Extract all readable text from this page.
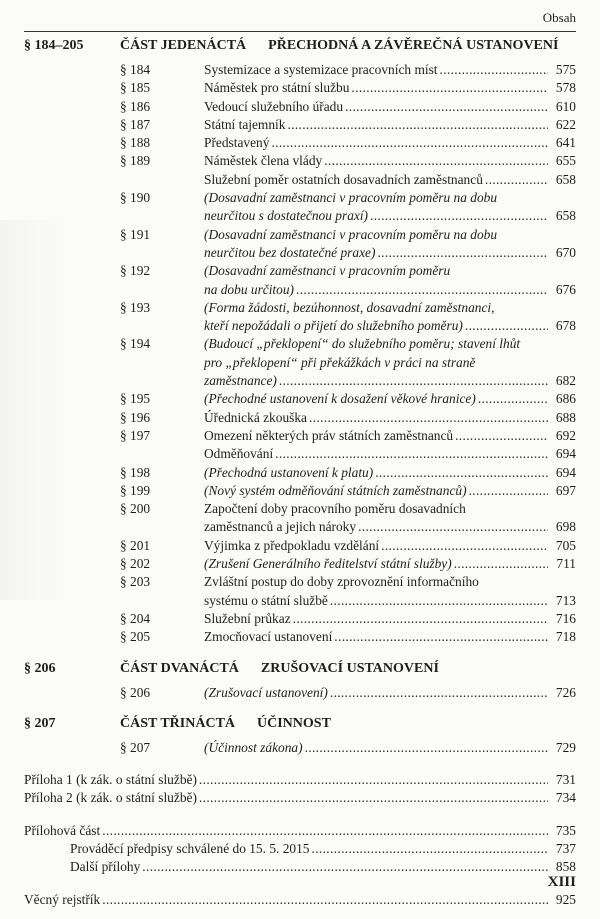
Obsah
§ 184–205	ČÁST JEDENÁCTÁ PŘECHODNÁ A ZÁVĚREČNÁ USTANOVENÍ
§ 184	Systemizace a systemizace pracovních míst . . .	575
§ 185	Náměstek pro státní službu . . .	578
§ 186	Vedoucí služebního úřadu . . .	610
§ 187	Státní tajemník . . .	622
§ 188	Představený . . .	641
§ 189	Náměstek člena vlády . . .	655
Služební poměr ostatních dosavadních zaměstnanců . . .	658
§ 190	(Dosavadní zaměstnanci v pracovním poměru na dobu
neurčitou s dostatečnou praxí) . . .	658
§ 191	(Dosavadní zaměstnanci v pracovním poměru na dobu
neurčitou bez dostatečné praxe) . . .	670
§ 192	(Dosavadní zaměstnanci v pracovním poměru
na dobu určitou) . . .	676
§ 193	(Forma žádosti, bezúhonnost, dosavadní zaměstnanci,
kteří nepožádali o přijetí do služebního poměru) . . .	678
§ 194	(Budoucí „překlopení“ do služebního poměru; stavení lhůt
pro „překlopení“ při překážkách v práci na straně
zaměstnance) . . .	682
§ 195	(Přechodné ustanovení k dosažení věkové hranice) . . .	686
§ 196	Úřednická zkouška . . .	688
§ 197	Omezení některých práv státních zaměstnanců . . .	692
Odměňování . . .	694
§ 198	(Přechodná ustanovení k platu) . . .	694
§ 199	(Nový systém odměňování státních zaměstnanců) . . .	697
§ 200	Započtení doby pracovního poměru dosavadních
zaměstnanců a jejich nároky . . .	698
§ 201	Výjimka z předpokladu vzdělání . . .	705
§ 202	(Zrušení Generálního ředitelství státní služby) . . .	711
§ 203	Zvláštní postup do doby zprovoznění informačního
systému o státní službě . . .	713
§ 204	Služební průkaz . . .	716
§ 205	Zmocňovací ustanovení . . .	718
§ 206	ČÁST DVANÁCTÁ ZRUŠOVACÍ USTANOVENÍ
§ 206	(Zrušovací ustanovení) . . .	726
§ 207	ČÁST TŘINÁCTÁ ÚČINNOST
§ 207	(Účinnost zákona) . . .	729
Příloha 1 (k zák. o státní službě) . . .	731
Příloha 2 (k zák. o státní službě) . . .	734
Přílohová část . . .	735
Prováděcí předpisy schválené do 15. 5. 2015 . . .	737
Další přílohy . . .	858
Věcný rejstřík . . .	925
XIII
